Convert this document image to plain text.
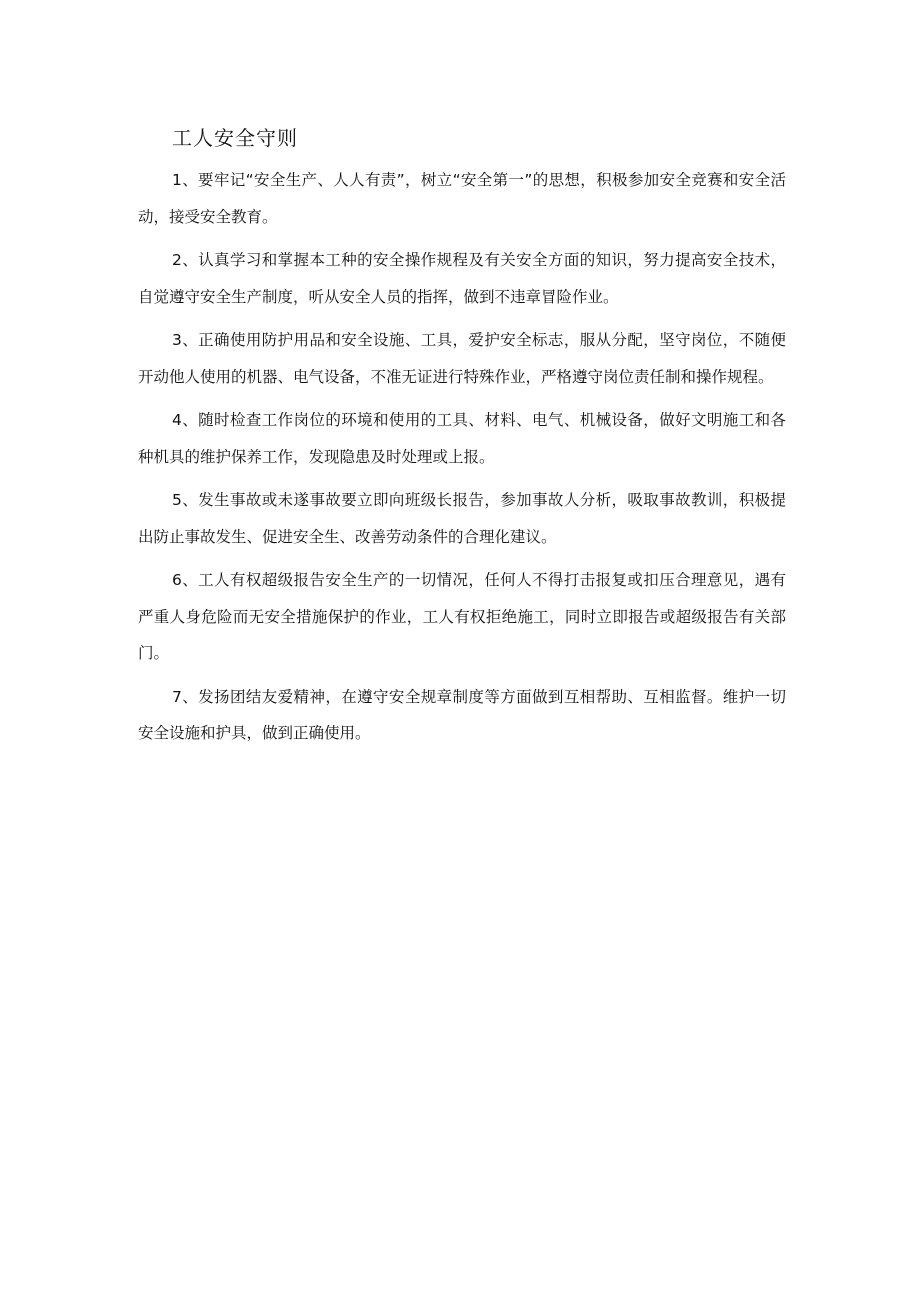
工人安全守则

1、要牢记“安全生产、人人有责”，树立“安全第一”的思想，积极参加安全竞赛和安全活动，接受安全教育。

2、认真学习和掌握本工种的安全操作规程及有关安全方面的知识，努力提高安全技术，自觉遵守安全生产制度，听从安全人员的指挥，做到不违章冒险作业。

3、正确使用防护用品和安全设施、工具，爱护安全标志，服从分配，坚守岗位，不随便开动他人使用的机器、电气设备，不准无证进行特殊作业，严格遵守岗位责任制和操作规程。

4、随时检查工作岗位的环境和使用的工具、材料、电气、机械设备，做好文明施工和各种机具的维护保养工作，发现隐患及时处理或上报。

5、发生事故或未遂事故要立即向班级长报告，参加事故人分析，吸取事故教训，积极提出防止事故发生、促进安全生、改善劳动条件的合理化建议。

6、工人有权超级报告安全生产的一切情况，任何人不得打击报复或扣压合理意见，遇有严重人身危险而无安全措施保护的作业，工人有权拒绝施工，同时立即报告或超级报告有关部门。

7、发扬团结友爱精神，在遵守安全规章制度等方面做到互相帮助、互相监督。维护一切安全设施和护具，做到正确使用。
